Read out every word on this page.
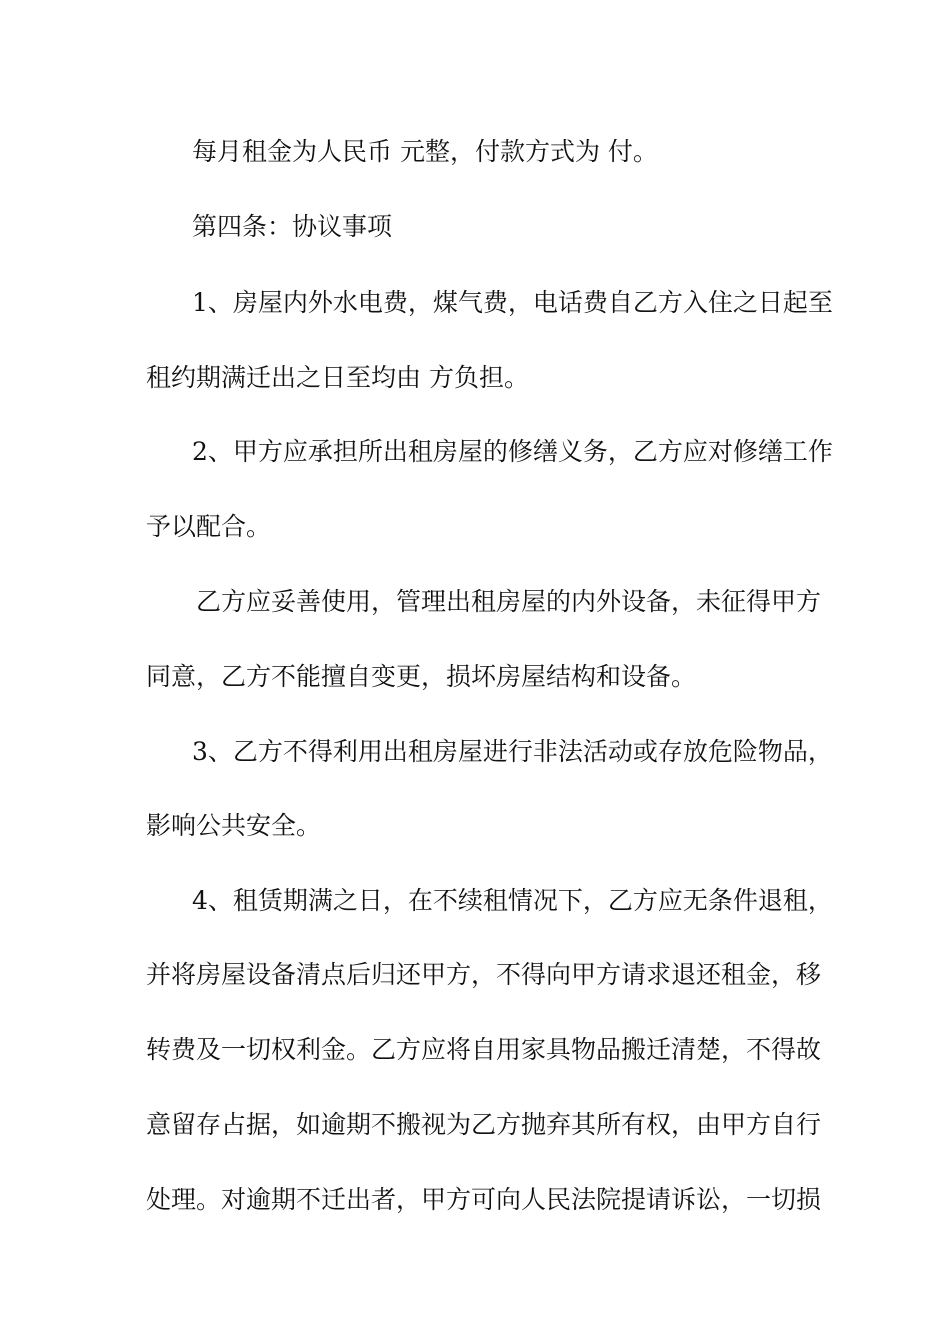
每月租金为人民币 元整，付款方式为 付。
第四条：协议事项
1、房屋内外水电费，煤气费，电话费自乙方入住之日起至
租约期满迁出之日至均由 方负担。
2、甲方应承担所出租房屋的修缮义务，乙方应对修缮工作
予以配合。
乙方应妥善使用，管理出租房屋的内外设备，未征得甲方
同意，乙方不能擅自变更，损坏房屋结构和设备。
3、乙方不得利用出租房屋进行非法活动或存放危险物品，
影响公共安全。
4、租赁期满之日，在不续租情况下，乙方应无条件退租，
并将房屋设备清点后归还甲方，不得向甲方请求退还租金，移
转费及一切权利金。乙方应将自用家具物品搬迁清楚，不得故
意留存占据，如逾期不搬视为乙方抛弃其所有权，由甲方自行
处理。对逾期不迁出者，甲方可向人民法院提请诉讼，一切损
